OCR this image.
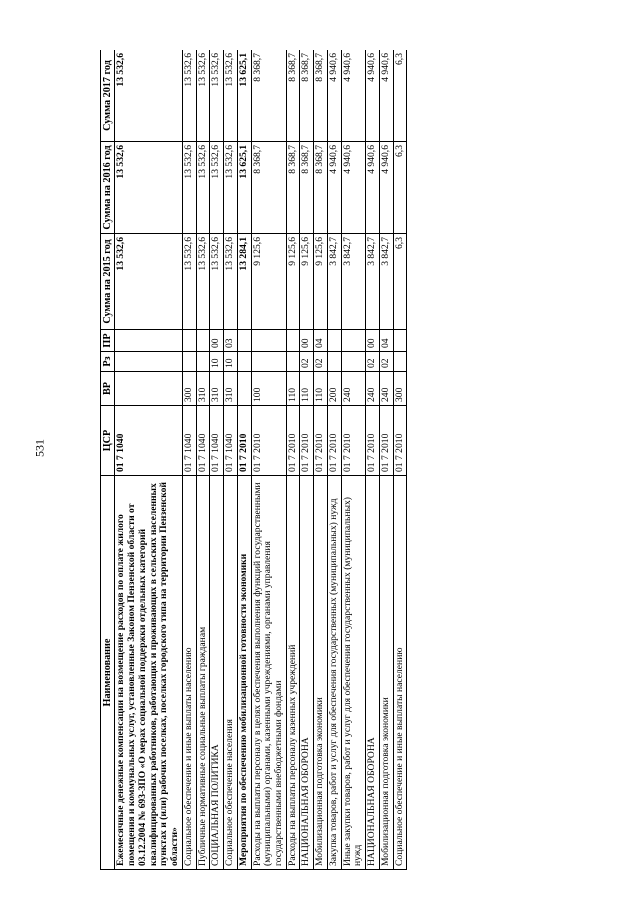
531
Наименование	ЦСР	ВР	Рз	ПР	Сумма на 2015 год	Сумма на 2016 год	Сумма 2017 год
Ежемесячные денежные компенсации на возмещение расходов по оплате жилого помещения и коммунальных услуг, установленные Законом Пензенской области от 03.12.2004 № 693-ЗПО «О мерах социальной поддержки отдельных категорий квалифицированных работников, работающих и проживающих в сельских населенных пунктах и (или) рабочих поселках, поселках городского типа на территории Пензенской области»	01 7 1040				13 532,6	13 532,6	13 532,6
Социальное обеспечение и иные выплаты населению	01 7 1040	300			13 532,6	13 532,6	13 532,6
Публичные нормативные социальные выплаты гражданам	01 7 1040	310			13 532,6	13 532,6	13 532,6
СОЦИАЛЬНАЯ ПОЛИТИКА	01 7 1040	310	10	00	13 532,6	13 532,6	13 532,6
Социальное обеспечение населения	01 7 1040	310	10	03	13 532,6	13 532,6	13 532,6
Мероприятия по обеспечению мобилизационной готовности экономики	01 7 2010				13 284,1	13 625,1	13 625,1
Расходы на выплаты персоналу в целях обеспечения выполнения функций государственными (муниципальными) органами, казенными учреждениями, органами управления государственными внебюджетными фондами	01 7 2010	100			9 125,6	8 368,7	8 368,7
Расходы на выплаты персоналу казенных учреждений	01 7 2010	110			9 125,6	8 368,7	8 368,7
НАЦИОНАЛЬНАЯ ОБОРОНА	01 7 2010	110	02	00	9 125,6	8 368,7	8 368,7
Мобилизационная подготовка экономики	01 7 2010	110	02	04	9 125,6	8 368,7	8 368,7
Закупка товаров, работ и услуг для обеспечения государственных (муниципальных) нужд	01 7 2010	200			3 842,7	4 940,6	4 940,6
Иные закупки товаров, работ и услуг для обеспечения государственных (муниципальных) нужд	01 7 2010	240			3 842,7	4 940,6	4 940,6
НАЦИОНАЛЬНАЯ ОБОРОНА	01 7 2010	240	02	00	3 842,7	4 940,6	4 940,6
Мобилизационная подготовка экономики	01 7 2010	240	02	04	3 842,7	4 940,6	4 940,6
Социальное обеспечение и иные выплаты населению	01 7 2010	300			6,3	6,3	6,3
